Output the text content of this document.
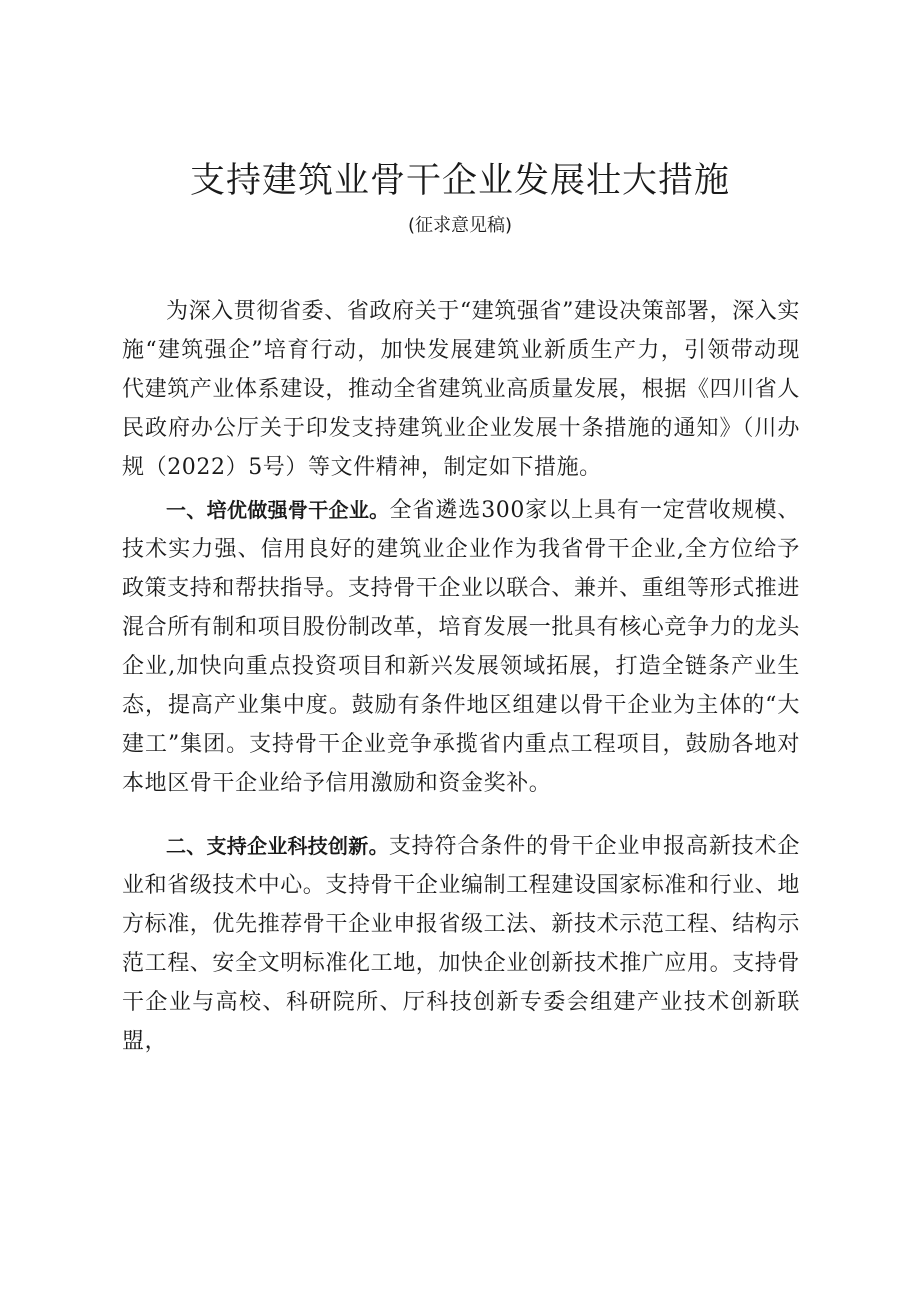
支持建筑业骨干企业发展壮大措施
(征求意见稿)

为深入贯彻省委、省政府关于“建筑强省”建设决策部署，深入实施“建筑强企”培育行动，加快发展建筑业新质生产力，引领带动现代建筑产业体系建设，推动全省建筑业高质量发展，根据《四川省人民政府办公厅关于印发支持建筑业企业发展十条措施的通知》（川办规（2022）5号）等文件精神，制定如下措施。

一、培优做强骨干企业。全省遴选300家以上具有一定营收规模、技术实力强、信用良好的建筑业企业作为我省骨干企业,全方位给予政策支持和帮扶指导。支持骨干企业以联合、兼并、重组等形式推进混合所有制和项目股份制改革，培育发展一批具有核心竞争力的龙头企业,加快向重点投资项目和新兴发展领域拓展，打造全链条产业生态，提高产业集中度。鼓励有条件地区组建以骨干企业为主体的“大建工”集团。支持骨干企业竞争承揽省内重点工程项目，鼓励各地对本地区骨干企业给予信用激励和资金奖补。

二、支持企业科技创新。支持符合条件的骨干企业申报高新技术企业和省级技术中心。支持骨干企业编制工程建设国家标准和行业、地方标准，优先推荐骨干企业申报省级工法、新技术示范工程、结构示范工程、安全文明标准化工地，加快企业创新技术推广应用。支持骨干企业与高校、科研院所、厅科技创新专委会组建产业技术创新联盟，
